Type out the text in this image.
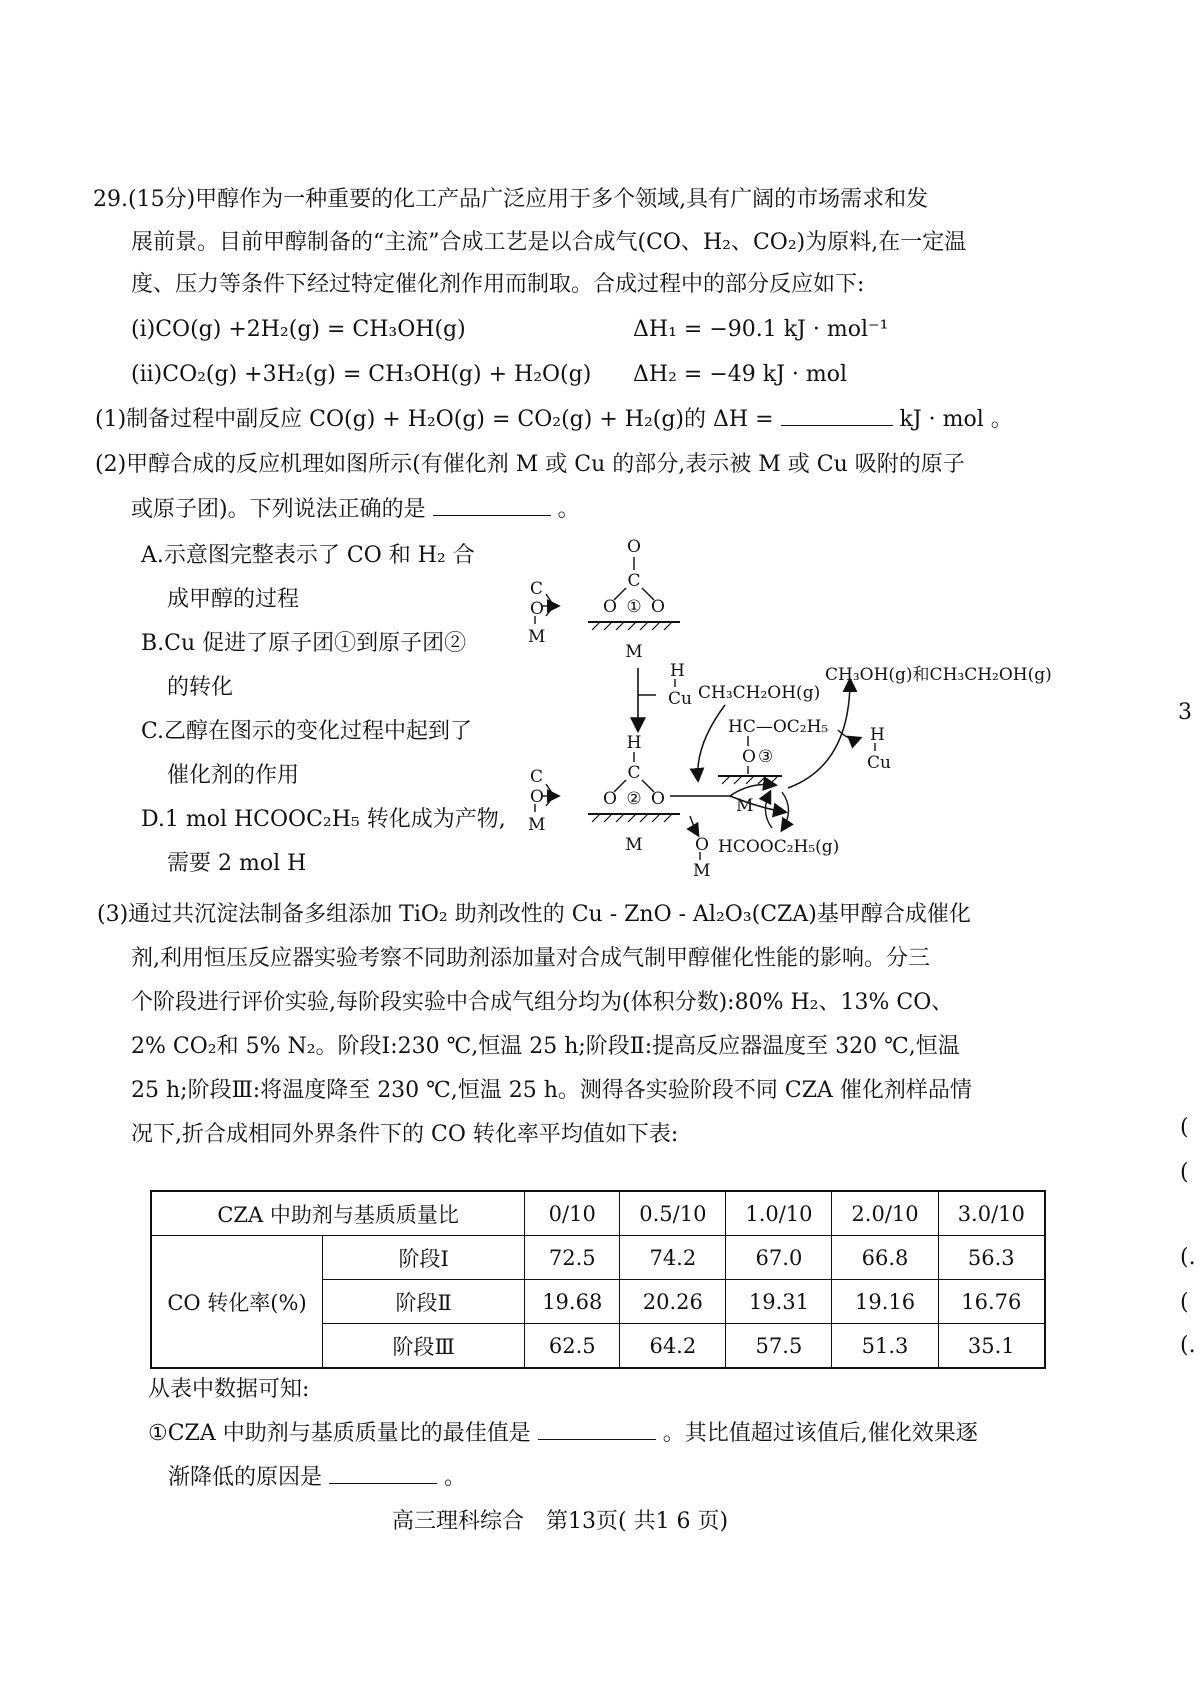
29.(15分)甲醇作为一种重要的化工产品广泛应用于多个领域,具有广阔的市场需求和发
展前景。目前甲醇制备的“主流”合成工艺是以合成气(CO、H₂、CO₂)为原料,在一定温
度、压力等条件下经过特定催化剂作用而制取。合成过程中的部分反应如下:
(i)CO(g) +2H₂(g) = CH₃OH(g)	ΔH₁ = −90.1 kJ · mol⁻¹
(ii)CO₂(g) +3H₂(g) = CH₃OH(g) + H₂O(g) ΔH₂ = −49 kJ · mol
(1)制备过程中副反应 CO(g) + H₂O(g) = CO₂(g) + H₂(g)的 ΔH =	kJ · mol 。
(2)甲醇合成的反应机理如图所示(有催化剂 M 或 Cu 的部分,表示被 M 或 Cu 吸附的原子
或原子团)。下列说法正确的是	。
A.示意图完整表示了 CO 和 H₂ 合
成甲醇的过程
B.Cu 促进了原子团①到原子团②
的转化
C.乙醇在图示的变化过程中起到了
催化剂的作用
D.1 mol HCOOC₂H₅ 转化成为产物,
需要 2 mol H
O
C
O ① O
M
C
O
M
H
Cu CH₃CH₂OH(g)
CH₃OH(g)和CH₃CH₂OH(g)
H
C
O ② O
M
C
O
M
O
M
HC—OC₂H₅
O ③
M
HCOOC₂H₅(g)
H
Cu
(3)通过共沉淀法制备多组添加 TiO₂ 助剂改性的 Cu - ZnO - Al₂O₃(CZA)基甲醇合成催化
剂,利用恒压反应器实验考察不同助剂添加量对合成气制甲醇催化性能的影响。分三
个阶段进行评价实验,每阶段实验中合成气组分均为(体积分数):80% H₂、13% CO、
2% CO₂和 5% N₂。阶段Ⅰ:230 ℃,恒温 25 h;阶段Ⅱ:提高反应器温度至 320 ℃,恒温
25 h;阶段Ⅲ:将温度降至 230 ℃,恒温 25 h。测得各实验阶段不同 CZA 催化剂样品情
况下,折合成相同外界条件下的 CO 转化率平均值如下表:
CZA 中助剂与基质质量比		0/10	0.5/10	1.0/10	2.0/10	3.0/10
CO 转化率(%)	阶段Ⅰ	72.5	74.2	67.0	66.8	56.3
	阶段Ⅱ	19.68	20.26	19.31	19.16	16.76
	阶段Ⅲ	62.5	64.2	57.5	51.3	35.1
从表中数据可知:
①CZA 中助剂与基质质量比的最佳值是	。其比值超过该值后,催化效果逐
渐降低的原因是	。
高三理科综合　第13页( 共1 6 页)
3
(
(
(.
(
(.
